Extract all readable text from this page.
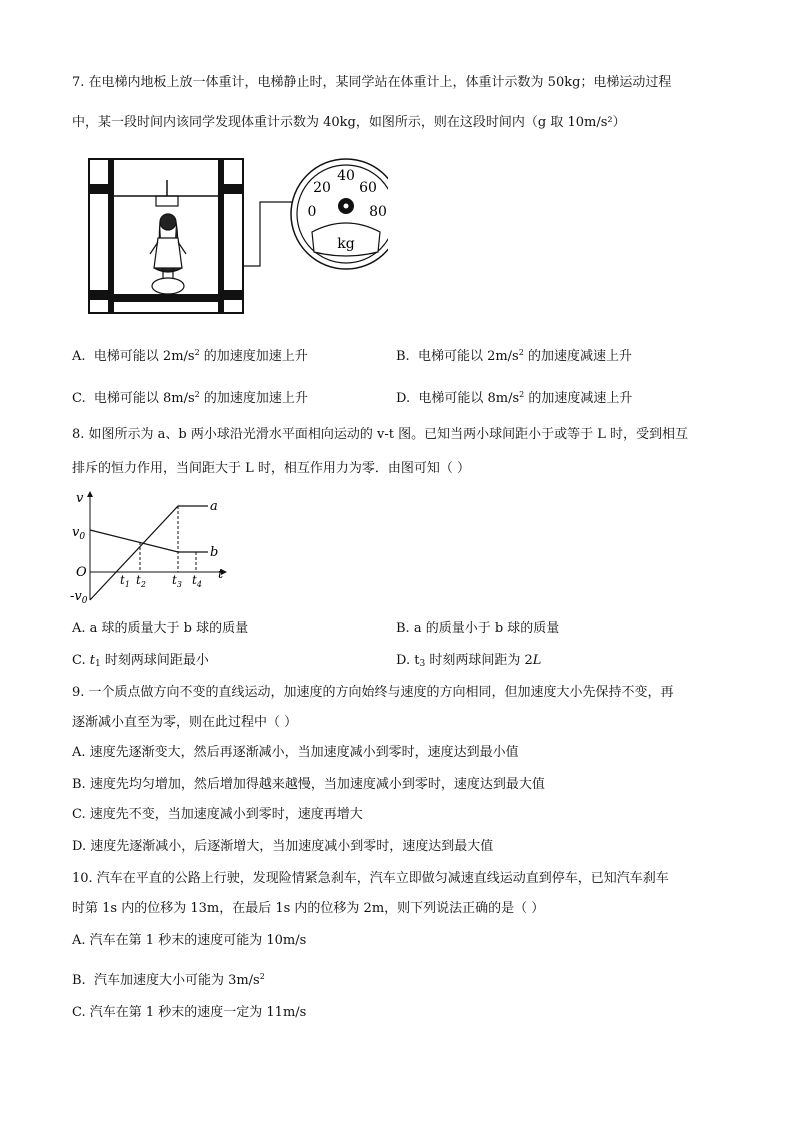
7. 在电梯内地板上放一体重计，电梯静止时，某同学站在体重计上，体重计示数为 50kg；电梯运动过程
中，某一段时间内该同学发现体重计示数为 40kg，如图所示，则在这段时间内（g 取 10m/s²）
20
40
60
0	80
kg
A.  电梯可能以 $2m/s^2$ 的加速度加速上升	B.  电梯可能以 $2m/s^2$ 的加速度减速上升
C.  电梯可能以 $8m/s^2$ 的加速度加速上升	D.  电梯可能以 $8m/s^2$ 的加速度减速上升
8. 如图所示为 a、b 两小球沿光滑水平面相向运动的 v-t 图。已知当两小球间距小于或等于 L 时，受到相互
排斥的恒力作用，当间距大于 L 时，相互作用力为零．由图可知（ ）
v
t
O
$v_0$
$-v_0$
b
a
$t_1$ $t_2$ $t_3$ $t_4$
A. a 球的质量大于 b 球的质量	B. a 的质量小于 b 球的质量
C. $t_1$ 时刻两球间距最小	D. $t_3$ 时刻两球间距为 2L
9. 一个质点做方向不变的直线运动，加速度的方向始终与速度的方向相同，但加速度大小先保持不变，再
逐渐减小直至为零，则在此过程中（ ）
A. 速度先逐渐变大，然后再逐渐减小，当加速度减小到零时，速度达到最小值
B. 速度先均匀增加，然后增加得越来越慢，当加速度减小到零时，速度达到最大值
C. 速度先不变，当加速度减小到零时，速度再增大
D. 速度先逐渐减小，后逐渐增大，当加速度减小到零时，速度达到最大值
10. 汽车在平直的公路上行驶，发现险情紧急刹车，汽车立即做匀减速直线运动直到停车，已知汽车刹车
时第 1s 内的位移为 13m，在最后 1s 内的位移为 2m，则下列说法正确的是（ ）
A. 汽车在第 1 秒末的速度可能为 10m/s
B.  汽车加速度大小可能为 $3m/s^2$
C. 汽车在第 1 秒末的速度一定为 11m/s
